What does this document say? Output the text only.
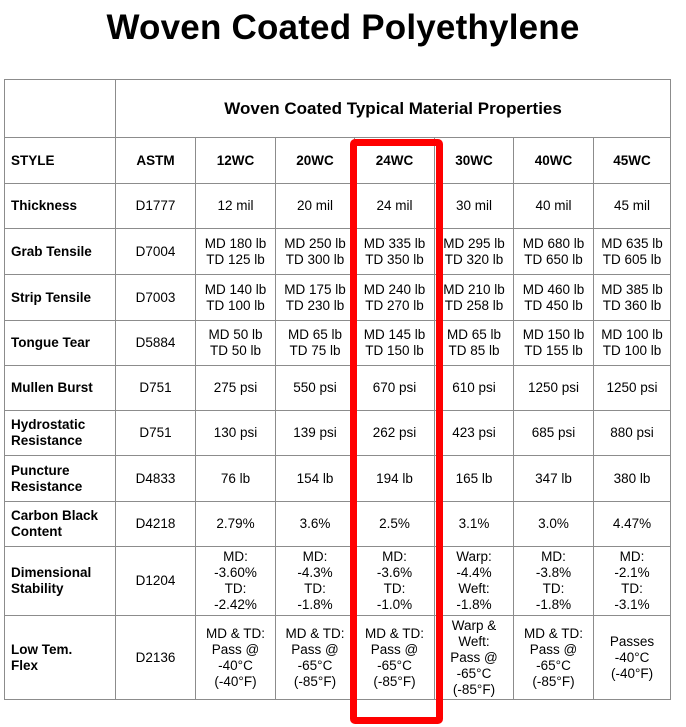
Woven Coated Polyethylene
	Woven Coated Typical Material Properties						
STYLE	ASTM	12WC	20WC	24WC	30WC	40WC	45WC

Thickness	D1777	12 mil	20 mil	24 mil	30 mil	40 mil	45 mil

Grab Tensile	D7004	MD 180 lb
TD 125 lb	MD 250 lb
TD 300 lb	MD 335 lb
TD 350 lb	MD 295 lb
TD 320 lb	MD 680 lb
TD 650 lb	MD 635 lb
TD 605 lb

Strip Tensile	D7003	MD 140 lb
TD 100 lb	MD 175 lb
TD 230 lb	MD 240 lb
TD 270 lb	MD 210 lb
TD 258 lb	MD 460 lb
TD 450 lb	MD 385 lb
TD 360 lb

Tongue Tear	D5884	MD 50 lb
TD 50 lb	MD 65 lb
TD 75 lb	MD 145 lb
TD 150 lb	MD 65 lb
TD 85 lb	MD 150 lb
TD 155 lb	MD 100 lb
TD 100 lb

Mullen Burst	D751	275 psi	550 psi	670 psi	610 psi	1250 psi	1250 psi

Hydrostatic
Resistance	D751	130 psi	139 psi	262 psi	423 psi	685 psi	880 psi

Puncture
Resistance	D4833	76 lb	154 lb	194 lb	165 lb	347 lb	380 lb

Carbon Black
Content	D4218	2.79%	3.6%	2.5%	3.1%	3.0%	4.47%

Dimensional
Stability	D1204	MD:
-3.60%
TD:
-2.42%	MD:
-4.3%
TD:
-1.8%	MD:
-3.6%
TD:
-1.0%	Warp:
-4.4%
Weft:
-1.8%	MD:
-3.8%
TD:
-1.8%	MD:
-2.1%
TD:
-3.1%

Low Tem.
Flex	D2136	MD & TD:
Pass @
-40°C
(-40°F)	MD & TD:
Pass @
-65°C
(-85°F)	MD & TD:
Pass @
-65°C
(-85°F)	Warp &
Weft:
Pass @
-65°C
(-85°F)	MD & TD:
Pass @
-65°C
(-85°F)	Passes
-40°C
(-40°F)
